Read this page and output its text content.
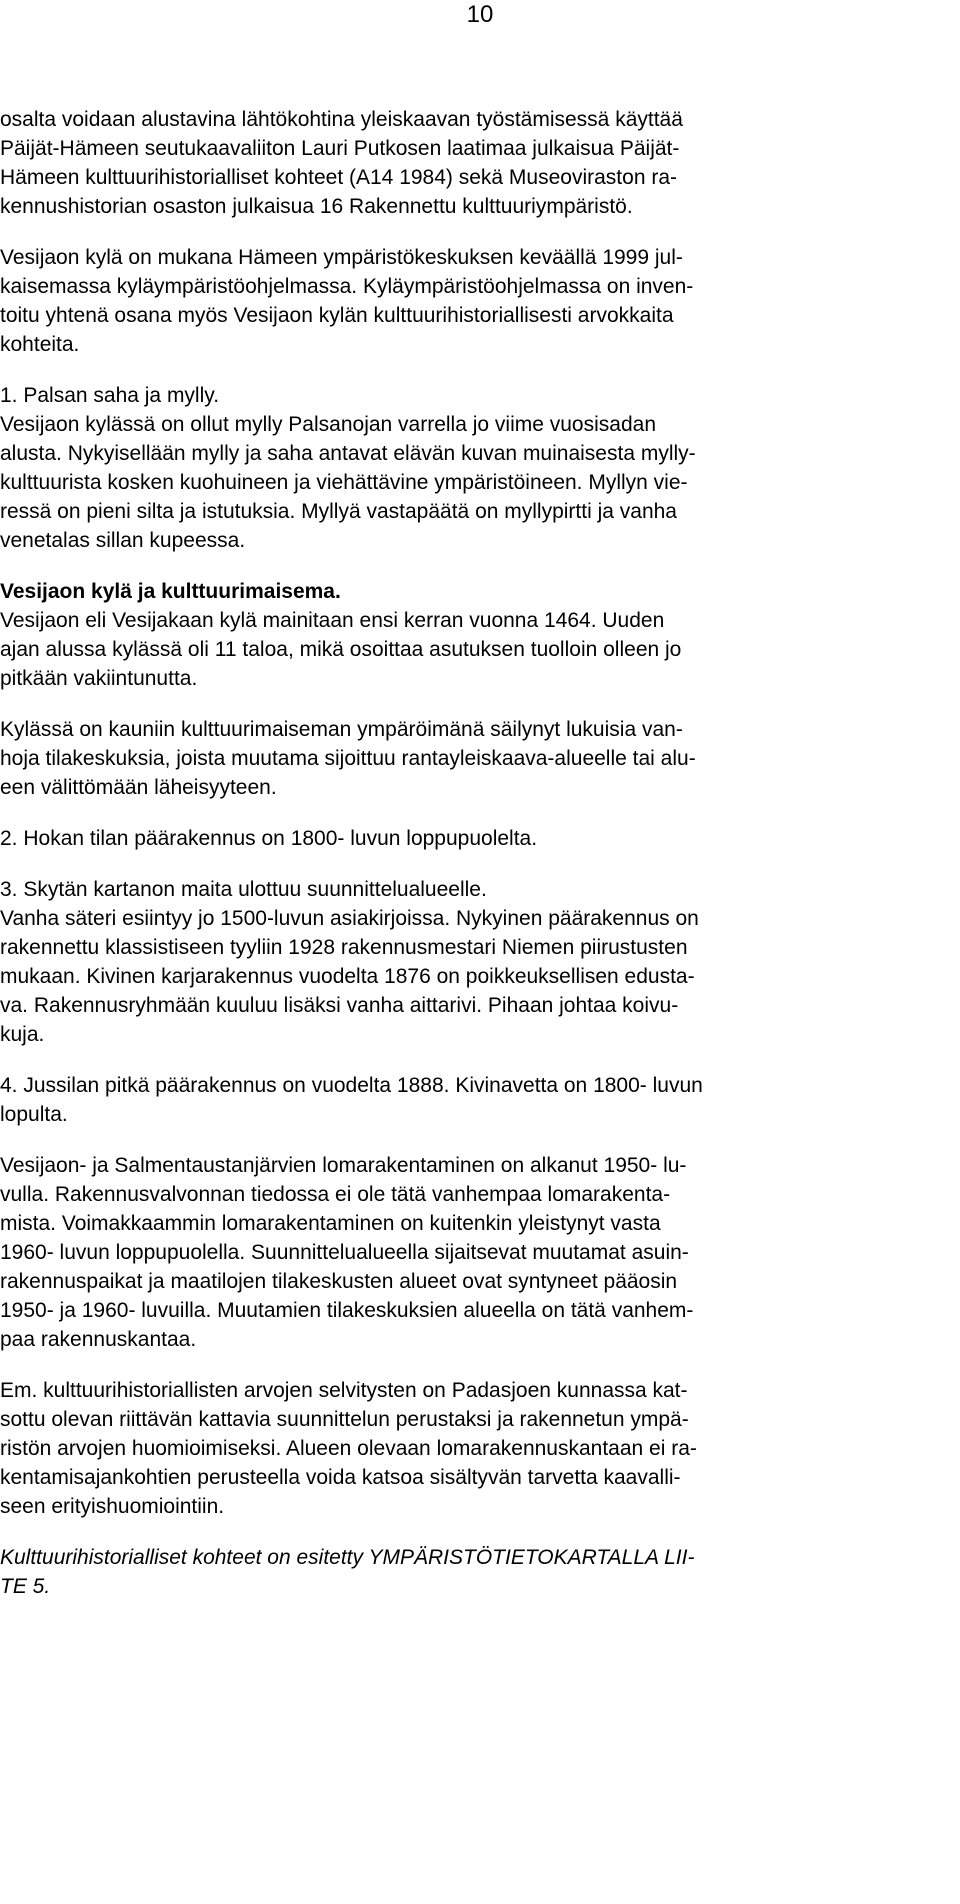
10
osalta voidaan alustavina lähtökohtina yleiskaavan työstämisessä käyttää
Päijät-Hämeen seutukaavaliiton Lauri Putkosen laatimaa julkaisua Päijät-
Hämeen kulttuurihistorialliset kohteet (A14 1984) sekä Museoviraston ra-
kennushistorian osaston julkaisua 16 Rakennettu kulttuuriympäristö.
Vesijaon kylä on mukana Hämeen ympäristökeskuksen keväällä 1999 jul-
kaisemassa kyläympäristöohjelmassa. Kyläympäristöohjelmassa on inven-
toitu yhtenä osana myös Vesijaon kylän kulttuurihistoriallisesti arvokkaita
kohteita.
1. Palsan saha ja mylly.
Vesijaon kylässä on ollut mylly Palsanojan varrella jo viime vuosisadan
alusta. Nykyisellään mylly ja saha antavat elävän kuvan muinaisesta mylly-
kulttuurista kosken kuohuineen ja viehättävine ympäristöineen. Myllyn vie-
ressä on pieni silta ja istutuksia. Myllyä vastapäätä on myllypirtti ja vanha
venetalas sillan kupeessa.
Vesijaon kylä ja kulttuurimaisema.
Vesijaon eli Vesijakaan kylä mainitaan ensi kerran vuonna 1464. Uuden
ajan alussa kylässä oli 11 taloa, mikä osoittaa asutuksen tuolloin olleen jo
pitkään vakiintunutta.
Kylässä on kauniin kulttuurimaiseman ympäröimänä säilynyt lukuisia van-
hoja tilakeskuksia, joista muutama sijoittuu rantayleiskaava-alueelle tai alu-
een välittömään läheisyyteen.
2. Hokan tilan päärakennus on 1800- luvun loppupuolelta.
3. Skytän kartanon maita ulottuu suunnittelualueelle.
Vanha säteri esiintyy jo 1500-luvun asiakirjoissa. Nykyinen päärakennus on
rakennettu klassistiseen tyyliin 1928 rakennusmestari Niemen piirustusten
mukaan. Kivinen karjarakennus vuodelta 1876 on poikkeuksellisen edusta-
va. Rakennusryhmään kuuluu lisäksi vanha aittarivi. Pihaan johtaa koivu-
kuja.
4. Jussilan pitkä päärakennus on vuodelta 1888. Kivinavetta on 1800- luvun
lopulta.
Vesijaon- ja Salmentaustanjärvien lomarakentaminen on alkanut 1950- lu-
vulla. Rakennusvalvonnan tiedossa ei ole tätä vanhempaa lomarakenta-
mista. Voimakkaammin lomarakentaminen on kuitenkin yleistynyt vasta
1960- luvun loppupuolella. Suunnittelualueella sijaitsevat muutamat asuin-
rakennuspaikat ja maatilojen tilakeskusten alueet ovat syntyneet pääosin
1950- ja 1960- luvuilla. Muutamien tilakeskuksien alueella on tätä vanhem-
paa rakennuskantaa.
Em. kulttuurihistoriallisten arvojen selvitysten on Padasjoen kunnassa kat-
sottu olevan riittävän kattavia suunnittelun perustaksi ja rakennetun ympä-
ristön arvojen huomioimiseksi. Alueen olevaan lomarakennuskantaan ei ra-
kentamisajankohtien perusteella voida katsoa sisältyvän tarvetta kaavalli-
seen erityishuomiointiin.
Kulttuurihistorialliset kohteet on esitetty YMPÄRISTÖTIETOKARTALLA LII-
TE 5.
